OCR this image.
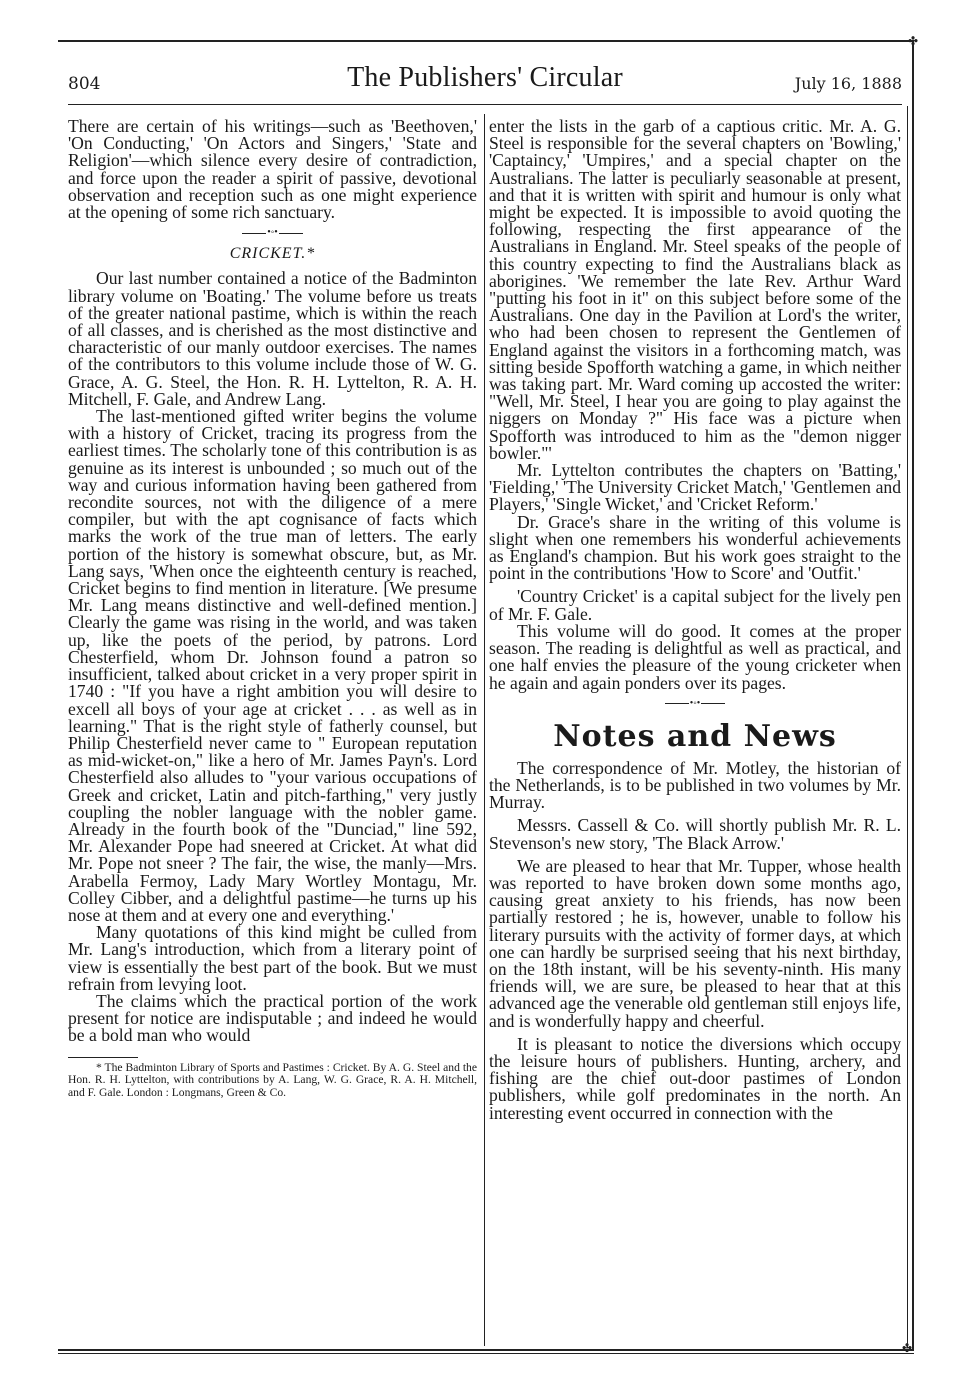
✤
✤
804	The Publishers' Circular	July 16, 1888

There are certain of his writings—such as 'Beethoven,' 'On Conducting,' 'On Actors and Singers,' 'State and Religion'—which silence every desire of contradiction, and force upon the reader a spirit of passive, devotional observation and reception such as one might experience at the opening of some rich sanctuary.

•◦•
CRICKET.*

Our last number contained a notice of the Badminton library volume on 'Boating.' The volume before us treats of the greater national pastime, which is within the reach of all classes, and is cherished as the most distinctive and characteristic of our manly outdoor exercises. The names of the contributors to this volume include those of W. G. Grace, A. G. Steel, the Hon. R. H. Lyttelton, R. A. H. Mitchell, F. Gale, and Andrew Lang.

The last-mentioned gifted writer begins the volume with a history of Cricket, tracing its progress from the earliest times. The scholarly tone of this contribution is as genuine as its interest is unbounded ; so much out of the way and curious information having been gathered from recondite sources, not with the diligence of a mere compiler, but with the apt cognisance of facts which marks the work of the true man of letters. The early portion of the history is somewhat obscure, but, as Mr. Lang says, 'When once the eighteenth century is reached, Cricket begins to find mention in literature. [We presume Mr. Lang means distinctive and well-defined mention.] Clearly the game was rising in the world, and was taken up, like the poets of the period, by patrons. Lord Chesterfield, whom Dr. Johnson found a patron so insufficient, talked about cricket in a very proper spirit in 1740 : "If you have a right ambition you will desire to excell all boys of your age at cricket . . . as well as in learning." That is the right style of fatherly counsel, but Philip Chesterfield never came to " European reputation as mid-wicket-on," like a hero of Mr. James Payn's. Lord Chesterfield also alludes to "your various occupations of Greek and cricket, Latin and pitch-farthing," very justly coupling the nobler language with the nobler game. Already in the fourth book of the "Dunciad," line 592, Mr. Alexander Pope had sneered at Cricket. At what did Mr. Pope not sneer ? The fair, the wise, the manly—Mrs. Arabella Fermoy, Lady Mary Wortley Montagu, Mr. Colley Cibber, and a delightful pastime—he turns up his nose at them and at every one and everything.'

Many quotations of this kind might be culled from Mr. Lang's introduction, which from a literary point of view is essentially the best part of the book. But we must refrain from levying loot.

The claims which the practical portion of the work present for notice are indisputable ; and indeed he would be a bold man who would

* The Badminton Library of Sports and Pastimes : Cricket. By A. G. Steel and the Hon. R. H. Lyttelton, with contributions by A. Lang, W. G. Grace, R. A. H. Mitchell, and F. Gale. London : Longmans, Green & Co.

enter the lists in the garb of a captious critic. Mr. A. G. Steel is responsible for the several chapters on 'Bowling,' 'Captaincy,' 'Umpires,' and a special chapter on the Australians. The latter is peculiarly seasonable at present, and that it is written with spirit and humour is only what might be expected. It is impossible to avoid quoting the following, respecting the first appearance of the Australians in England. Mr. Steel speaks of the people of this country expecting to find the Australians black as aborigines. 'We remember the late Rev. Arthur Ward "putting his foot in it" on this subject before some of the Australians. One day in the Pavilion at Lord's the writer, who had been chosen to represent the Gentlemen of England against the visitors in a forthcoming match, was sitting beside Spofforth watching a game, in which neither was taking part. Mr. Ward coming up accosted the writer: "Well, Mr. Steel, I hear you are going to play against the niggers on Monday ?" His face was a picture when Spofforth was introduced to him as the "demon nigger bowler."'

Mr. Lyttelton contributes the chapters on 'Batting,' 'Fielding,' 'The University Cricket Match,' 'Gentlemen and Players,' 'Single Wicket,' and 'Cricket Reform.'

Dr. Grace's share in the writing of this volume is slight when one remembers his wonderful achievements as England's champion. But his work goes straight to the point in the contributions 'How to Score' and 'Outfit.'

'Country Cricket' is a capital subject for the lively pen of Mr. F. Gale.

This volume will do good. It comes at the proper season. The reading is delightful as well as practical, and one half envies the pleasure of the young cricketer when he again and again ponders over its pages.

•◦•
Notes and News

The correspondence of Mr. Motley, the historian of the Netherlands, is to be published in two volumes by Mr. Murray.

Messrs. Cassell & Co. will shortly publish Mr. R. L. Stevenson's new story, 'The Black Arrow.'

We are pleased to hear that Mr. Tupper, whose health was reported to have broken down some months ago, causing great anxiety to his friends, has now been partially restored ; he is, however, unable to follow his literary pursuits with the activity of former days, at which one can hardly be surprised seeing that his next birthday, on the 18th instant, will be his seventy-ninth. His many friends will, we are sure, be pleased to hear that at this advanced age the venerable old gentleman still enjoys life, and is wonderfully happy and cheerful.

It is pleasant to notice the diversions which occupy the leisure hours of publishers. Hunting, archery, and fishing are the chief out-door pastimes of London publishers, while golf predominates in the north. An interesting event occurred in connection with the
